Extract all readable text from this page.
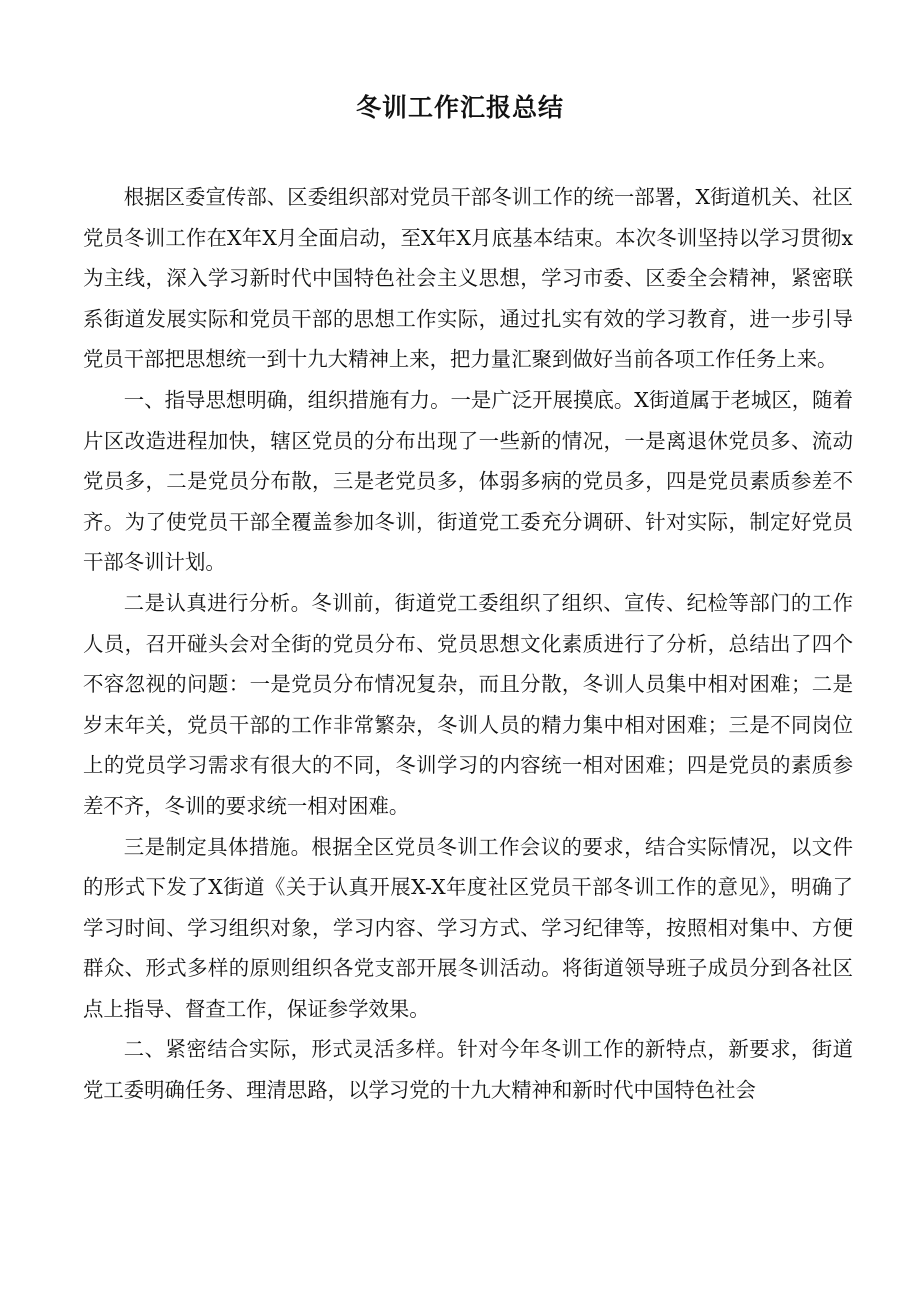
冬训工作汇报总结

根据区委宣传部、区委组织部对党员干部冬训工作的统一部署，X街道机关、社区党员冬训工作在X年X月全面启动，至X年X月底基本结束。本次冬训坚持以学习贯彻x为主线，深入学习新时代中国特色社会主义思想，学习市委、区委全会精神，紧密联系街道发展实际和党员干部的思想工作实际，通过扎实有效的学习教育，进一步引导党员干部把思想统一到十九大精神上来，把力量汇聚到做好当前各项工作任务上来。

一、指导思想明确，组织措施有力。一是广泛开展摸底。X街道属于老城区，随着片区改造进程加快，辖区党员的分布出现了一些新的情况，一是离退休党员多、流动党员多，二是党员分布散，三是老党员多，体弱多病的党员多，四是党员素质参差不齐。为了使党员干部全覆盖参加冬训，街道党工委充分调研、针对实际，制定好党员干部冬训计划。

二是认真进行分析。冬训前，街道党工委组织了组织、宣传、纪检等部门的工作人员，召开碰头会对全街的党员分布、党员思想文化素质进行了分析，总结出了四个不容忽视的问题：一是党员分布情况复杂，而且分散，冬训人员集中相对困难；二是岁末年关，党员干部的工作非常繁杂，冬训人员的精力集中相对困难；三是不同岗位上的党员学习需求有很大的不同，冬训学习的内容统一相对困难；四是党员的素质参差不齐，冬训的要求统一相对困难。

三是制定具体措施。根据全区党员冬训工作会议的要求，结合实际情况，以文件的形式下发了X街道《关于认真开展X-X年度社区党员干部冬训工作的意见》，明确了学习时间、学习组织对象，学习内容、学习方式、学习纪律等，按照相对集中、方便群众、形式多样的原则组织各党支部开展冬训活动。将街道领导班子成员分到各社区点上指导、督查工作，保证参学效果。

二、紧密结合实际，形式灵活多样。针对今年冬训工作的新特点，新要求，街道党工委明确任务、理清思路，以学习党的十九大精神和新时代中国特色社会
